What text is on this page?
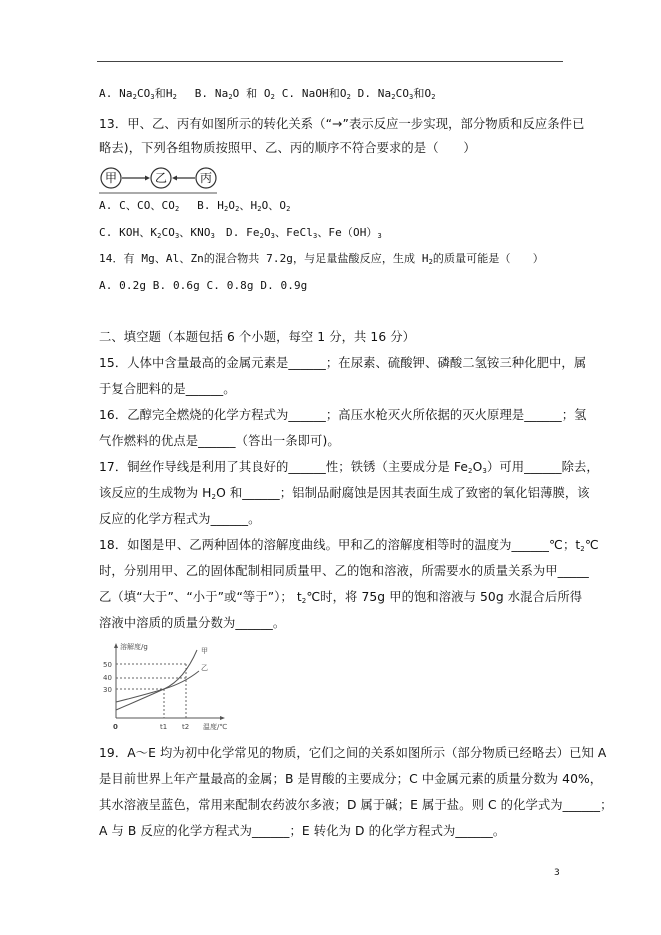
A. $Na_2CO_3$和$H_2$　 B. $Na_2O$ 和 $O_2$ C. NaOH和$O_2$ D. $Na_2CO_3$和$O_2$
13．甲、乙、丙有如图所示的转化关系（“→”表示反应一步实现，部分物质和反应条件已
略去)，下列各组物质按照甲、乙、丙的顺序不符合要求的是（　　）
A. C、CO、$CO_2$　 B. $H_2O_2$、$H_2O$、$O_2$
C. KOH、$K_2CO_3$、$KNO_3$　D. $Fe_2O_3$、FeCl$_3$、$Fe(OH)_3$
14．有 Mg、Al、Zn的混合物共 7.2g，与足量盐酸反应，生成 $H_2$的质量可能是（　　）
A. 0.2g B. 0.6g C. 0.8g D. 0.9g
二、填空题（本题包括 6 个小题，每空 1 分，共 16 分）
15．人体中含量最高的金属元素是______；在尿素、硫酸钾、磷酸二氢铵三种化肥中，属
于复合肥料的是______。
16．乙醇完全燃烧的化学方程式为______；高压水枪灭火所依据的灭火原理是______；氢
气作燃料的优点是______（答出一条即可)。
17．铜丝作导线是利用了其良好的______性；铁锈（主要成分是 $Fe_2O_3$）可用______除去，
该反应的生成物为 $H_2O$ 和______；铝制品耐腐蚀是因其表面生成了致密的氧化铝薄膜，该
反应的化学方程式为______。
18．如图是甲、乙两种固体的溶解度曲线。甲和乙的溶解度相等时的温度为______℃；$t_2℃$
时，分别用甲、乙的固体配制相同质量甲、乙的饱和溶液，所需要水的质量关系为甲_____
乙（填“大于”、“小于”或“等于”）； $t_2℃$时，将 75g 甲的饱和溶液与 50g 水混合后所得
溶液中溶质的质量分数为______。
19．A～E 均为初中化学常见的物质，它们之间的关系如图所示（部分物质已经略去）已知 A
是目前世界上年产量最高的金属；B 是胃酸的主要成分；C 中金属元素的质量分数为 40%，
其水溶液呈蓝色，常用来配制农药波尔多液；D 属于碱；E 属于盐。则 C 的化学式为______；
A 与 B 反应的化学方程式为______；E 转化为 D 的化学方程式为______。
甲	乙	丙
溶解度/g
温度/℃
0
50
40
30
t1 t2
甲
乙
3
